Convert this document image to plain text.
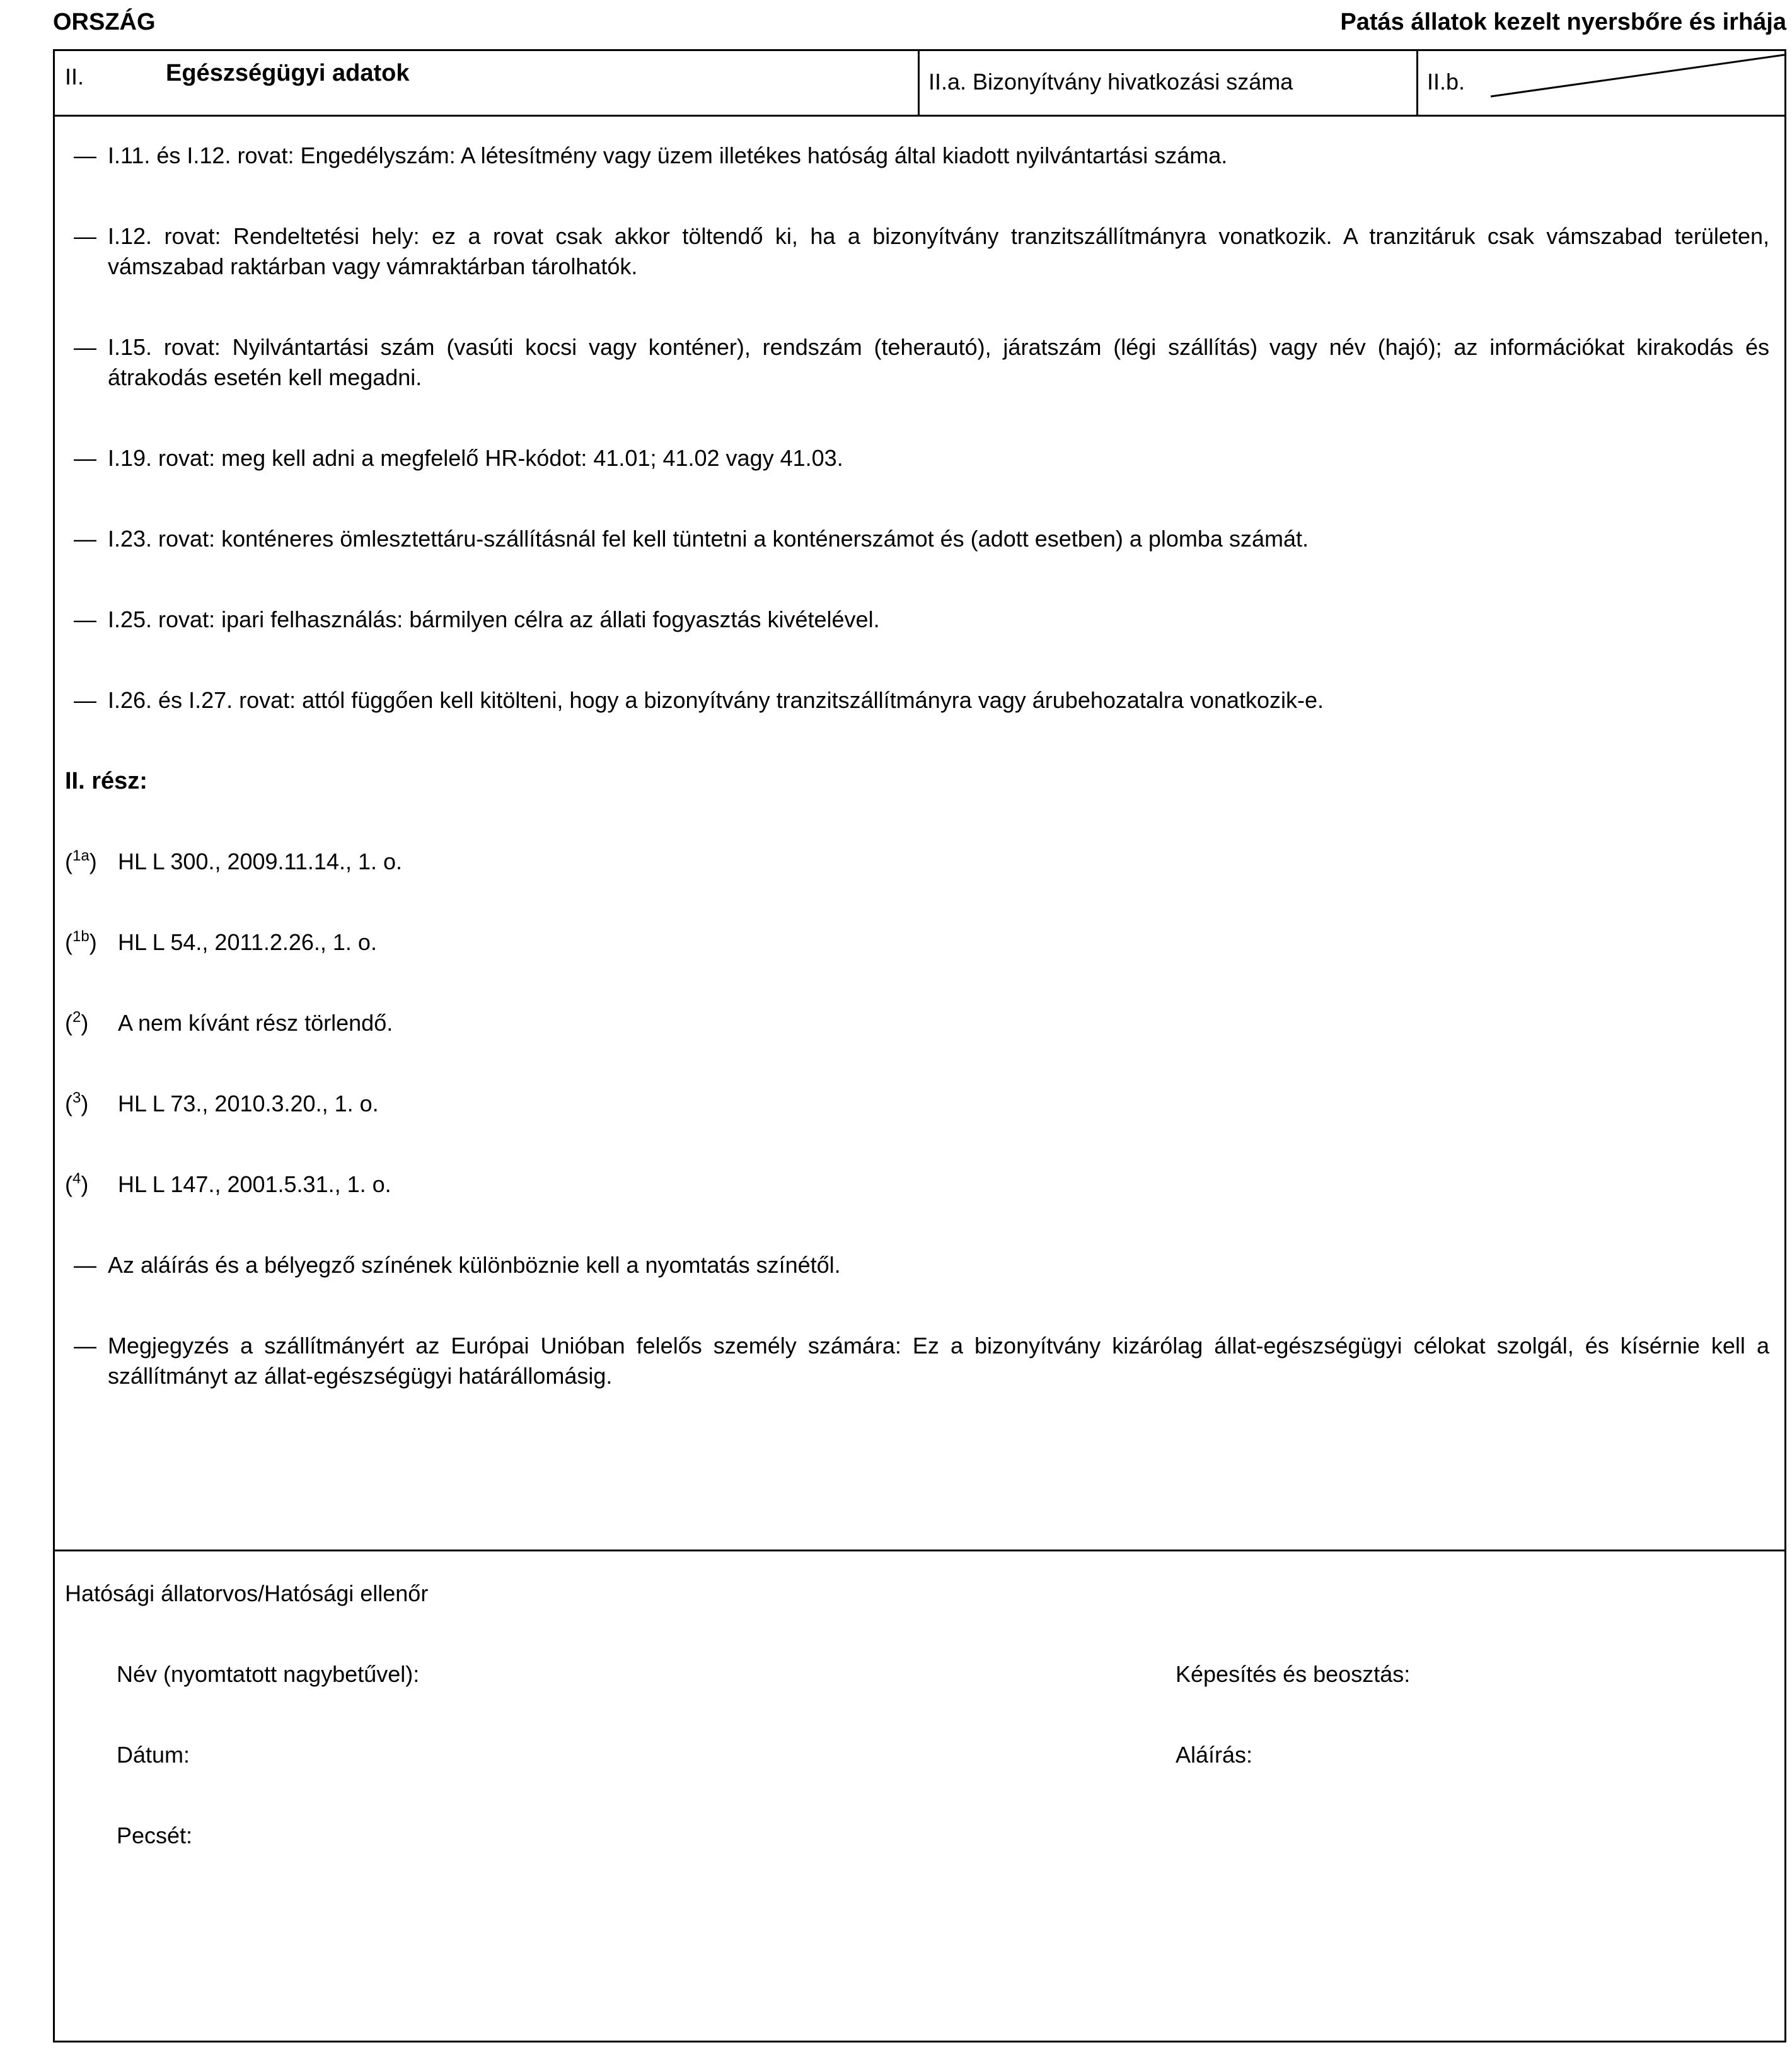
ORSZÁG	Patás állatok kezelt nyersbőre és irhája
II.	Egészségügyi adatok	II.a. Bizonyítvány hivatkozási száma	II.b.
— I.11. és I.12. rovat: Engedélyszám: A létesítmény vagy üzem illetékes hatóság által kiadott nyilvántartási száma.
— I.12. rovat: Rendeltetési hely: ez a rovat csak akkor töltendő ki, ha a bizonyítvány tranzitszállítmányra vonatkozik. A tranzitáruk csak vámszabad területen, vámszabad raktárban vagy vámraktárban tárolhatók.
— I.15. rovat: Nyilvántartási szám (vasúti kocsi vagy konténer), rendszám (teherautó), járatszám (légi szállítás) vagy név (hajó); az információkat kirakodás és átrakodás esetén kell megadni.
— I.19. rovat: meg kell adni a megfelelő HR-kódot: 41.01; 41.02 vagy 41.03.
— I.23. rovat: konténeres ömlesztettáru-szállításnál fel kell tüntetni a konténerszámot és (adott esetben) a plomba számát.
— I.25. rovat: ipari felhasználás: bármilyen célra az állati fogyasztás kivételével.
— I.26. és I.27. rovat: attól függően kell kitölteni, hogy a bizonyítvány tranzitszállítmányra vagy árubehozatalra vonatkozik-e.
II. rész:
($^{1a}$) HL L 300., 2009.11.14., 1. o.
($^{1b}$) HL L 54., 2011.2.26., 1. o.
($^2$)	A nem kívánt rész törlendő.
($^3$)	HL L 73., 2010.3.20., 1. o.
($^4$)	HL L 147., 2001.5.31., 1. o.
— Az aláírás és a bélyegző színének különböznie kell a nyomtatás színétől.
— Megjegyzés a szállítmányért az Európai Unióban felelős személy számára: Ez a bizonyítvány kizárólag állat-egészségügyi célokat szolgál, és kísérnie kell a szállítmányt az állat-egészségügyi határállomásig.
Hatósági állatorvos/Hatósági ellenőr
Név (nyomtatott nagybetűvel):	Képesítés és beosztás:
Dátum:	Aláírás:
Pecsét:
